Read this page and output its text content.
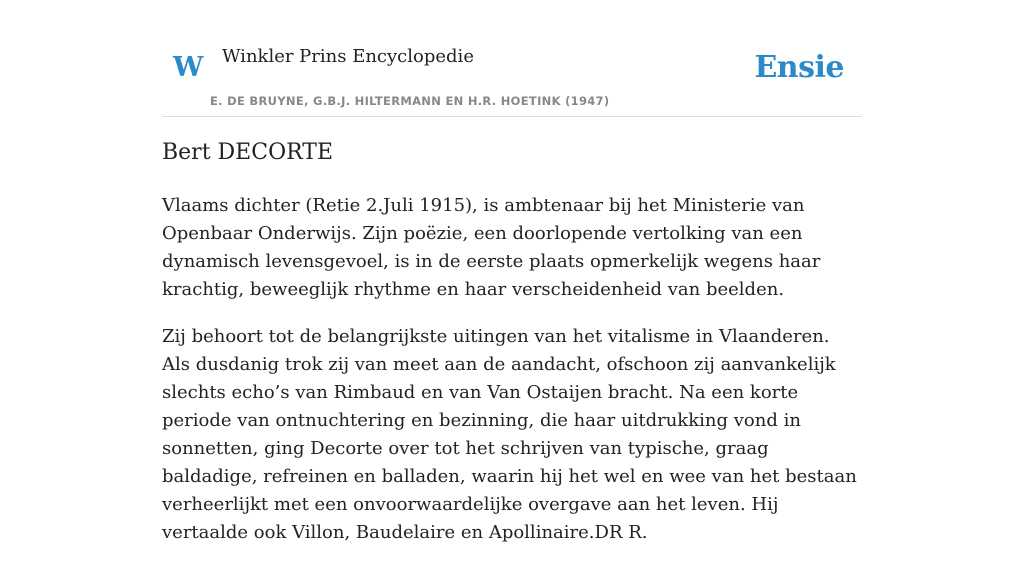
W Winkler Prins Encyclopedie
E. DE BRUYNE, G.B.J. HILTERMANN EN H.R. HOETINK (1947)
Ensie
Bert DECORTE

Vlaams dichter (Retie 2.Juli 1915), is ambtenaar bij het Ministerie van Openbaar Onderwijs. Zijn poëzie, een doorlopende vertolking van een dynamisch levensgevoel, is in de eerste plaats opmerkelijk wegens haar krachtig, beweeglijk rhythme en haar verscheidenheid van beelden.

Zij behoort tot de belangrijkste uitingen van het vitalisme in Vlaanderen. Als dusdanig trok zij van meet aan de aandacht, ofschoon zij aanvankelijk slechts echo’s van Rimbaud en van Van Ostaijen bracht. Na een korte periode van ontnuchtering en bezinning, die haar uitdrukking vond in sonnetten, ging Decorte over tot het schrijven van typische, graag baldadige, refreinen en balladen, waarin hij het wel en wee van het bestaan verheerlijkt met een onvoorwaardelijke overgave aan het leven. Hij vertaalde ook Villon, Baudelaire en Apollinaire.DR R.
